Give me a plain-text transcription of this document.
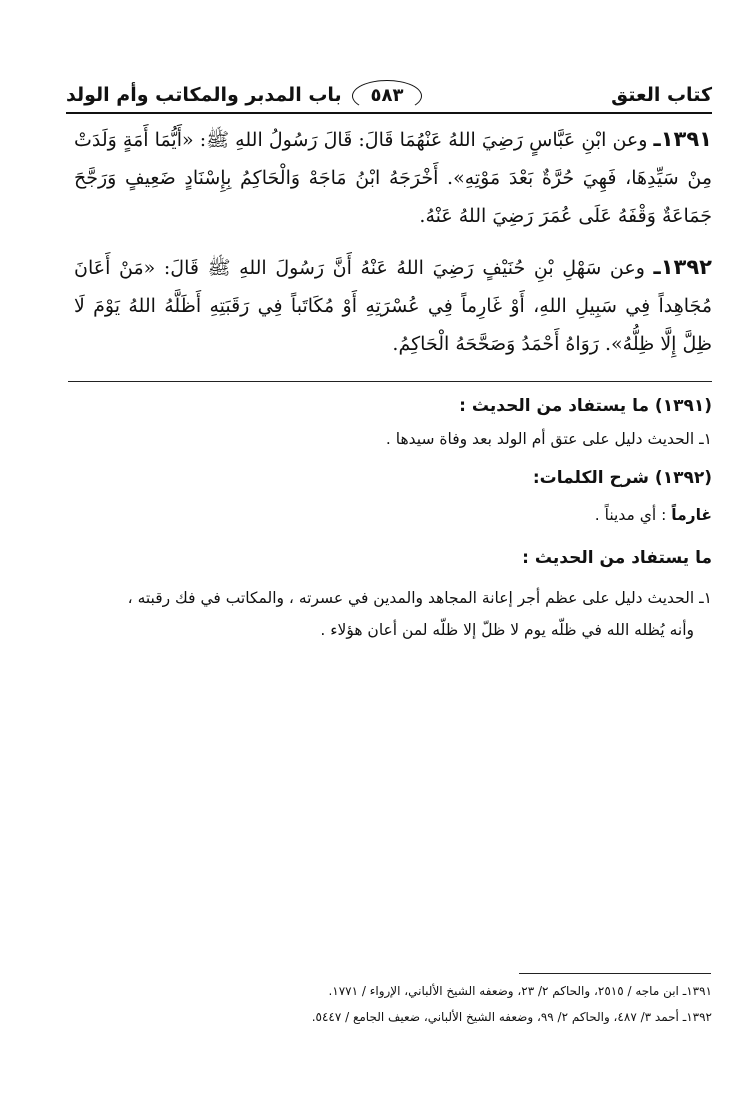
كتاب العتق
٥٨٣
باب المدبر والمكاتب وأم الولد
١٣٩١ـ وعن ابْنِ عَبَّاسٍ رَضِيَ اللهُ عَنْهُمَا قَالَ: قَالَ رَسُولُ اللهِ ﷺ: «أَيُّمَا أَمَةٍ وَلَدَتْ مِنْ سَيِّدِهَا، فَهِيَ حُرَّةٌ بَعْدَ مَوْتِهِ». أَخْرَجَهُ ابْنُ مَاجَهْ وَالْحَاكِمُ بِإِسْنَادٍ ضَعِيفٍ وَرَجَّحَ جَمَاعَةٌ وَقْفَهُ عَلَى عُمَرَ رَضِيَ اللهُ عَنْهُ.
١٣٩٢ـ وعن سَهْلِ بْنِ حُنَيْفٍ رَضِيَ اللهُ عَنْهُ أَنَّ رَسُولَ اللهِ ﷺ قَالَ: «مَنْ أَعَانَ مُجَاهِداً فِي سَبِيلِ اللهِ، أَوْ غَارِماً فِي عُسْرَتِهِ أَوْ مُكَاتَباً فِي رَقَبَتِهِ أَظَلَّهُ اللهُ يَوْمَ لَا ظِلَّ إِلَّا ظِلُّهُ». رَوَاهُ أَحْمَدُ وَصَحَّحَهُ الْحَاكِمُ.
(١٣٩١) ما يستفاد من الحديث :
١ـ الحديث دليل على عتق أم الولد بعد وفاة سيدها .
(١٣٩٢) شرح الكلمات:
غارماً : أي مديناً .
ما يستفاد من الحديث :
١ـ الحديث دليل على عظم أجر إعانة المجاهد والمدين في عسرته ، والمكاتب في فك رقبته ،
وأنه يُظله الله في ظلّه يوم لا ظلّ إلا ظلّه لمن أعان هؤلاء .
١٣٩١ـ ابن ماجه / ٢٥١٥، والحاكم ٢/ ٢٣، وضعفه الشيخ الألباني، الإرواء / ١٧٧١.
١٣٩٢ـ أحمد ٣/ ٤٨٧، والحاكم ٢/ ٩٩، وضعفه الشيخ الألباني، ضعيف الجامع / ٥٤٤٧.
